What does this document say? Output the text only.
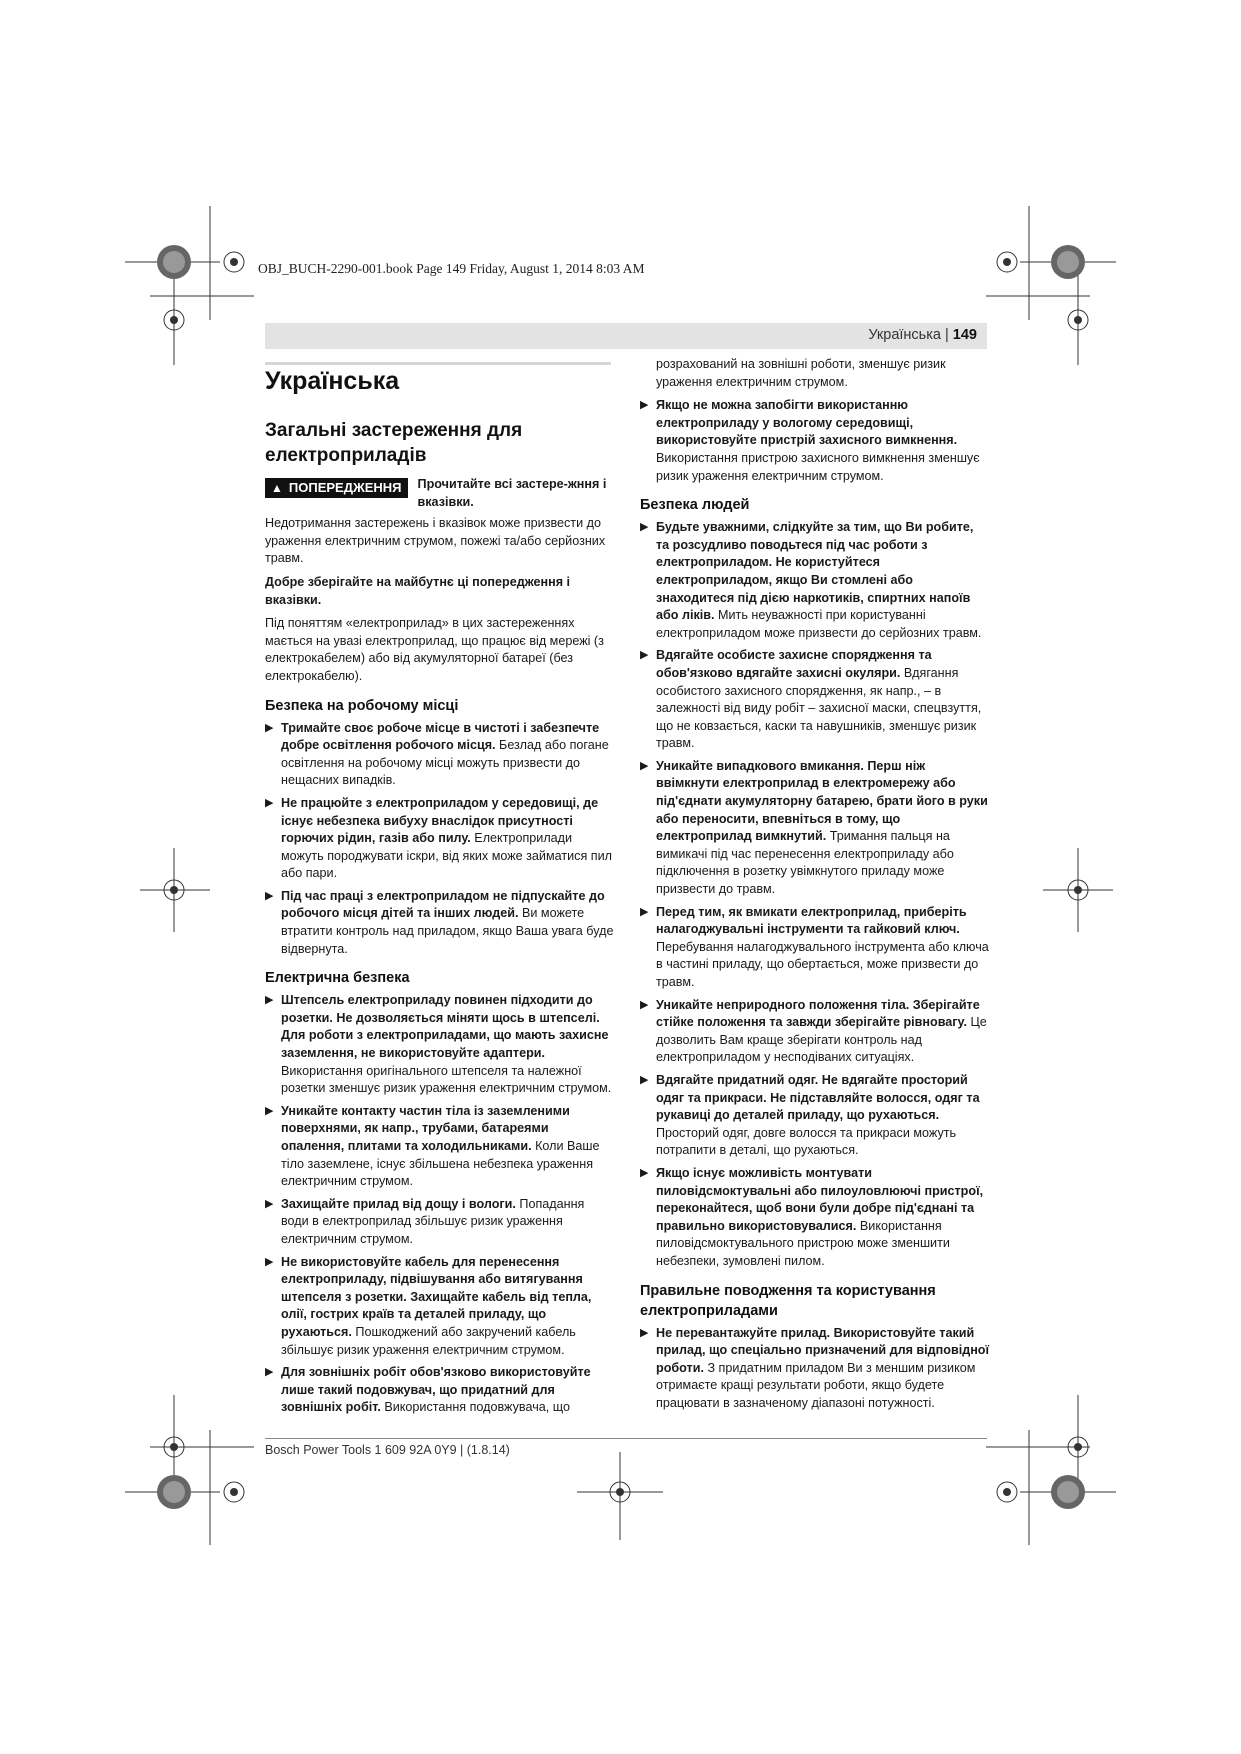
OBJ_BUCH-2290-001.book Page 149 Friday, August 1, 2014 8:03 AM
Українська | 149
Українська
Загальні застереження для електроприладів
▲ ПОПЕРЕДЖЕННЯ Прочитайте всі застере-жння і вказівки.

Недотримання застережень і вказівок може призвести до ураження електричним струмом, пожежі та/або серйозних травм.

Добре зберігайте на майбутнє ці попередження і вказівки.

Під поняттям «електроприлад» в цих застереженнях мається на увазі електроприлад, що працює від мережі (з електрокабелем) або від акумуляторної батареї (без електрокабелю).

Безпека на робочому місці
▶ Тримайте своє робоче місце в чистоті і забезпечте добре освітлення робочого місця. Безлад або погане освітлення на робочому місці можуть призвести до нещасних випадків.
▶ Не працюйте з електроприладом у середовищі, де існує небезпека вибуху внаслідок присутності горючих рідин, газів або пилу. Електроприлади можуть породжувати іскри, від яких може займатися пил або пари.
▶ Під час праці з електроприладом не підпускайте до робочого місця дітей та інших людей. Ви можете втратити контроль над приладом, якщо Ваша увага буде відвернута.
Електрична безпека
▶ Штепсель електроприладу повинен підходити до розетки. Не дозволяється міняти щось в штепселі. Для роботи з електроприладами, що мають захисне заземлення, не використовуйте адаптери. Використання оригінального штепселя та належної розетки зменшує ризик ураження електричним струмом.
▶ Уникайте контакту частин тіла із заземленими поверхнями, як напр., трубами, батареями опалення, плитами та холодильниками. Коли Ваше тіло заземлене, існує збільшена небезпека ураження електричним струмом.
▶ Захищайте прилад від дощу і вологи. Попадання води в електроприлад збільшує ризик ураження електричним струмом.
▶ Не використовуйте кабель для перенесення електроприладу, підвішування або витягування штепселя з розетки. Захищайте кабель від тепла, олії, гострих країв та деталей приладу, що рухаються. Пошкоджений або закручений кабель збільшує ризик ураження електричним струмом.
▶ Для зовнішніх робіт обов'язково використовуйте лише такий подовжувач, що придатний для зовнішніх робіт. Використання подовжувача, що

розрахований на зовнішні роботи, зменшує ризик ураження електричним струмом.

▶ Якщо не можна запобігти використанню електроприладу у вологому середовищі, використовуйте пристрій захисного вимкнення. Використання пристрою захисного вимкнення зменшує ризик ураження електричним струмом.
Безпека людей
▶ Будьте уважними, слідкуйте за тим, що Ви робите, та розсудливо поводьтеся під час роботи з електроприладом. Не користуйтеся електроприладом, якщо Ви стомлені або знаходитеся під дією наркотиків, спиртних напоїв або ліків. Мить неуважності при користуванні електроприладом може призвести до серйозних травм.
▶ Вдягайте особисте захисне спорядження та обов'язково вдягайте захисні окуляри. Вдягання особистого захисного спорядження, як напр., – в залежності від виду робіт – захисної маски, спецвзуття, що не ковзається, каски та навушників, зменшує ризик травм.
▶ Уникайте випадкового вмикання. Перш ніж ввімкнути електроприлад в електромережу або під'єднати акумуляторну батарею, брати його в руки або переносити, впевніться в тому, що електроприлад вимкнутий. Тримання пальця на вимикачі під час перенесення електроприладу або підключення в розетку увімкнутого приладу може призвести до травм.
▶ Перед тим, як вмикати електроприлад, приберіть налагоджувальні інструменти та гайковий ключ. Перебування налагоджувального інструмента або ключа в частині приладу, що обертається, може призвести до травм.
▶ Уникайте неприродного положення тіла. Зберігайте стійке положення та завжди зберігайте рівновагу. Це дозволить Вам краще зберігати контроль над електроприладом у несподіваних ситуаціях.
▶ Вдягайте придатний одяг. Не вдягайте просторий одяг та прикраси. Не підставляйте волосся, одяг та рукавиці до деталей приладу, що рухаються. Просторий одяг, довге волосся та прикраси можуть потрапити в деталі, що рухаються.
▶ Якщо існує можливість монтувати пиловідсмоктувальні або пилоуловлюючі пристрої, переконайтеся, щоб вони були добре під'єднані та правильно використовувалися. Використання пиловідсмоктувального пристрою може зменшити небезпеки, зумовлені пилом.
Правильне поводження та користування електроприладами
▶ Не перевантажуйте прилад. Використовуйте такий прилад, що спеціально призначений для відповідної роботи. З придатним приладом Ви з меншим ризиком отримаєте кращі результати роботи, якщо будете працювати в зазначеному діапазоні потужності.
Bosch Power Tools 1 609 92A 0Y9 | (1.8.14)
